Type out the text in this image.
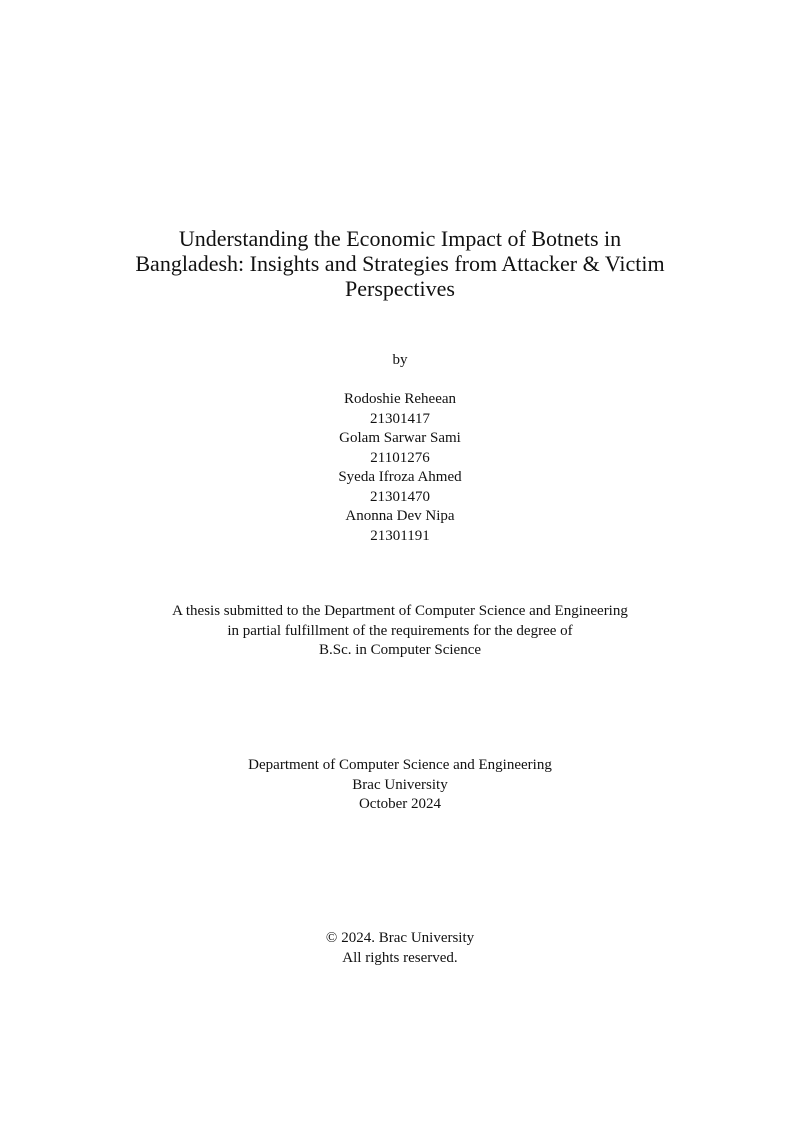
Understanding the Economic Impact of Botnets in
Bangladesh: Insights and Strategies from Attacker & Victim
Perspectives
by
Rodoshie Reheean
21301417
Golam Sarwar Sami
21101276
Syeda Ifroza Ahmed
21301470
Anonna Dev Nipa
21301191
A thesis submitted to the Department of Computer Science and Engineering
in partial fulfillment of the requirements for the degree of
B.Sc. in Computer Science
Department of Computer Science and Engineering
Brac University
October 2024
© 2024. Brac University
All rights reserved.
